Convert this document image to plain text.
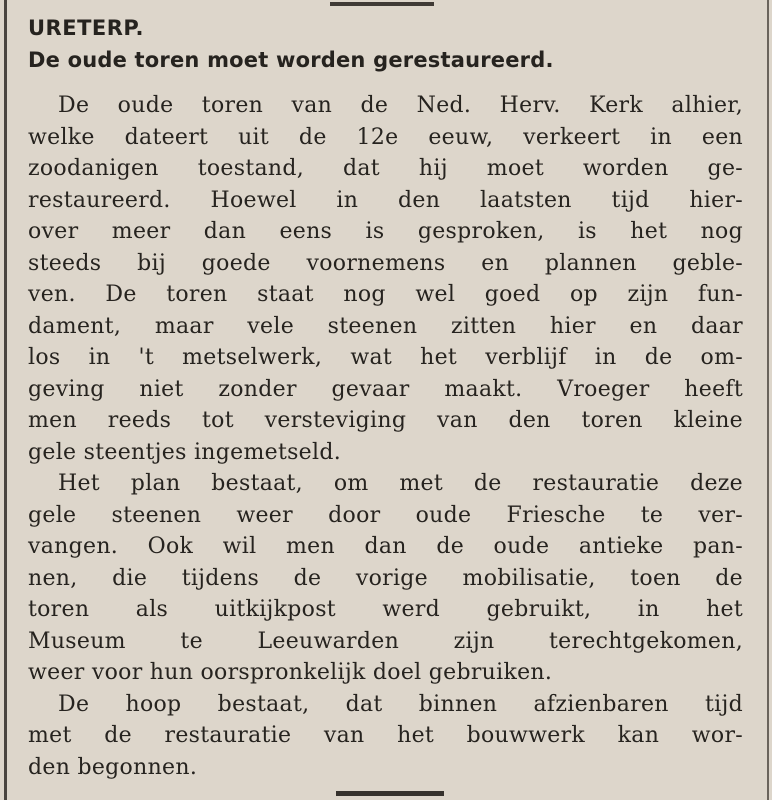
URETERP.
De oude toren moet worden gerestaureerd.
De oude toren van de Ned. Herv. Kerk alhier,
welke dateert uit de 12e eeuw, verkeert in een
zoodanigen toestand, dat hij moet worden ge-
restaureerd. Hoewel in den laatsten tijd hier-
over meer dan eens is gesproken, is het nog
steeds bij goede voornemens en plannen geble-
ven. De toren staat nog wel goed op zijn fun-
dament, maar vele steenen zitten hier en daar
los in 't metselwerk, wat het verblijf in de om-
geving niet zonder gevaar maakt. Vroeger heeft
men reeds tot versteviging van den toren kleine
gele steentjes ingemetseld.
Het plan bestaat, om met de restauratie deze
gele steenen weer door oude Friesche te ver-
vangen. Ook wil men dan de oude antieke pan-
nen, die tijdens de vorige mobilisatie, toen de
toren als uitkijkpost werd gebruikt, in het
Museum te Leeuwarden zijn terechtgekomen,
weer voor hun oorspronkelijk doel gebruiken.
De hoop bestaat, dat binnen afzienbaren tijd
met de restauratie van het bouwwerk kan wor-
den begonnen.
